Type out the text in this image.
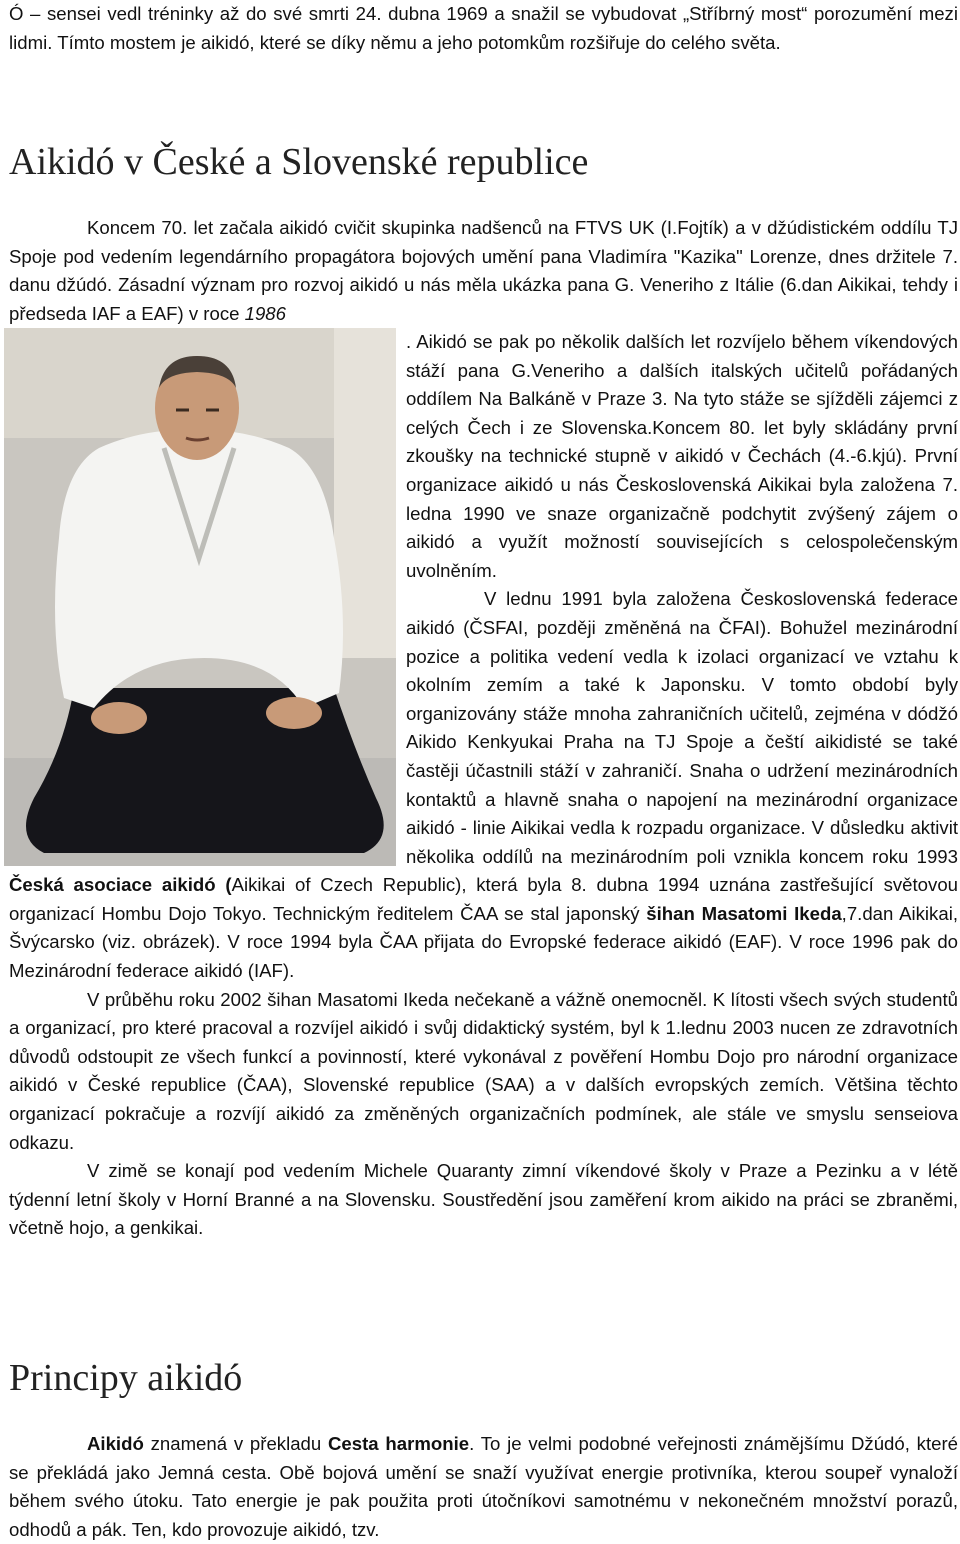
Ó – sensei vedl tréninky až do své smrti 24. dubna 1969 a snažil se vybudovat „Stříbrný most“ porozumění mezi lidmi. Tímto mostem je aikidó, které se díky němu a jeho potomkům rozšiřuje do celého světa.

Aikidó v České a Slovenské republice
Principy aikidó

Aikidó znamená v překladu Cesta harmonie. To je velmi podobné veřejnosti známějšímu Džúdó, které se překládá jako Jemná cesta. Obě bojová umění se snaží využívat energie protivníka, kterou soupeř vynaloží během svého útoku. Tato energie je pak použita proti útočníkovi samotnému v nekonečném množství porazů, odhodů a pák. Ten, kdo provozuje aikidó, tzv.

Koncem 70. let začala aikidó cvičit skupinka nadšenců na FTVS UK (I.Fojtík) a v džúdistickém oddílu TJ Spoje pod vedením legendárního propagátora bojových umění pana Vladimíra "Kazika" Lorenze, dnes držitele 7. danu džúdó. Zásadní význam pro rozvoj aikidó u nás měla ukázka pana G. Veneriho z Itálie (6.dan Aikikai, tehdy i předseda IAF a EAF) v roce 1986

. Aikidó se pak po několik dalších let rozvíjelo během víkendových stáží pana G.Veneriho a dalších italských učitelů pořádaných oddílem Na Balkáně v Praze 3. Na tyto stáže se sjížděli zájemci z celých Čech i ze Slovenska.Koncem 80. let byly skládány první zkoušky na technické stupně v aikidó v Čechách (4.-6.kjú). První organizace aikidó u nás Československá Aikikai byla založena 7. ledna 1990 ve snaze organizačně podchytit zvýšený zájem o aikidó a využít možností souvisejících s celospolečenským uvolněním.

V lednu 1991 byla založena Československá federace aikidó (ČSFAI, později změněná na ČFAI). Bohužel mezinárodní pozice a politika vedení vedla k izolaci organizací ve vztahu k okolním zemím a také k Japonsku. V tomto období byly organizovány stáže mnoha zahraničních učitelů, zejména v dódžó Aikido Kenkyukai Praha na TJ Spoje a čeští aikidisté se také častěji účastnili stáží v zahraničí. Snaha o udržení mezinárodních kontaktů a hlavně snaha o napojení na mezinárodní organizace aikidó - linie Aikikai vedla k rozpadu organizace. V důsledku aktivit několika oddílů na mezinárodním poli vznikla koncem roku 1993 Česká asociace aikidó (Aikikai of Czech Republic), která byla 8. dubna 1994 uznána zastřešující světovou organizací Hombu Dojo Tokyo. Technickým ředitelem ČAA se stal japonský šihan Masatomi Ikeda,7.dan Aikikai, Švýcarsko (viz. obrázek). V roce 1994 byla ČAA přijata do Evropské federace aikidó (EAF). V roce 1996 pak do Mezinárodní federace aikidó (IAF).

V průběhu roku 2002 šihan Masatomi Ikeda nečekaně a vážně onemocněl. K lítosti všech svých studentů a organizací, pro které pracoval a rozvíjel aikidó i svůj didaktický systém, byl k 1.lednu 2003 nucen ze zdravotních důvodů odstoupit ze všech funkcí a povinností, které vykonával z pověření Hombu Dojo pro národní organizace aikidó v České republice (ČAA), Slovenské republice (SAA) a v dalších evropských zemích. Většina těchto organizací pokračuje a rozvíjí aikidó za změněných organizačních podmínek, ale stále ve smyslu senseiova odkazu.

V zimě se konají pod vedením Michele Quaranty zimní víkendové školy v Praze a Pezinku a v létě týdenní letní školy v Horní Branné a na Slovensku. Soustředění jsou zaměření krom aikido na práci se zbraněmi, včetně hojo, a genkikai.
